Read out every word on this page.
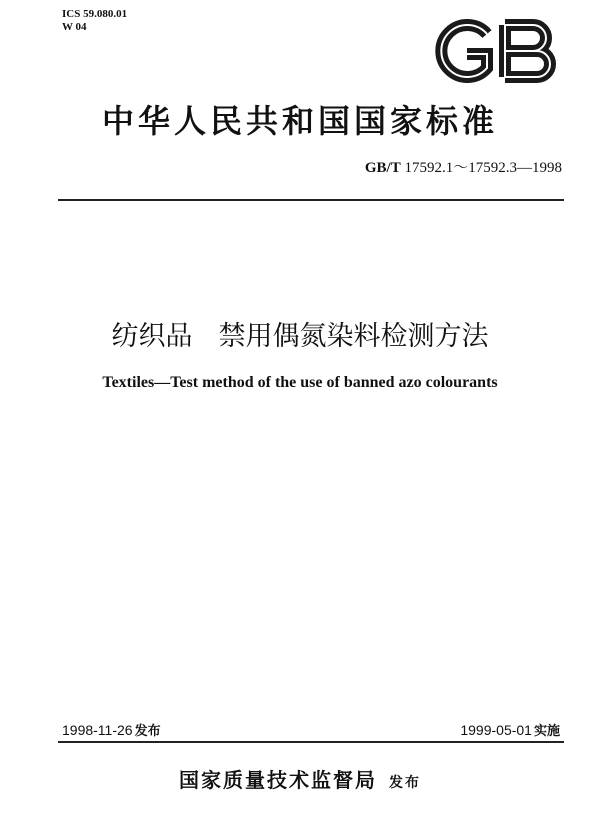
ICS 59.080.01
W 04
中华人民共和国国家标准
GB/T 17592.1～17592.3—1998
纺织品 禁用偶氮染料检测方法
Textiles—Test method of the use of banned azo colourants
1998-11-26 发布	1999-05-01 实施
国家质量技术监督局 发布
